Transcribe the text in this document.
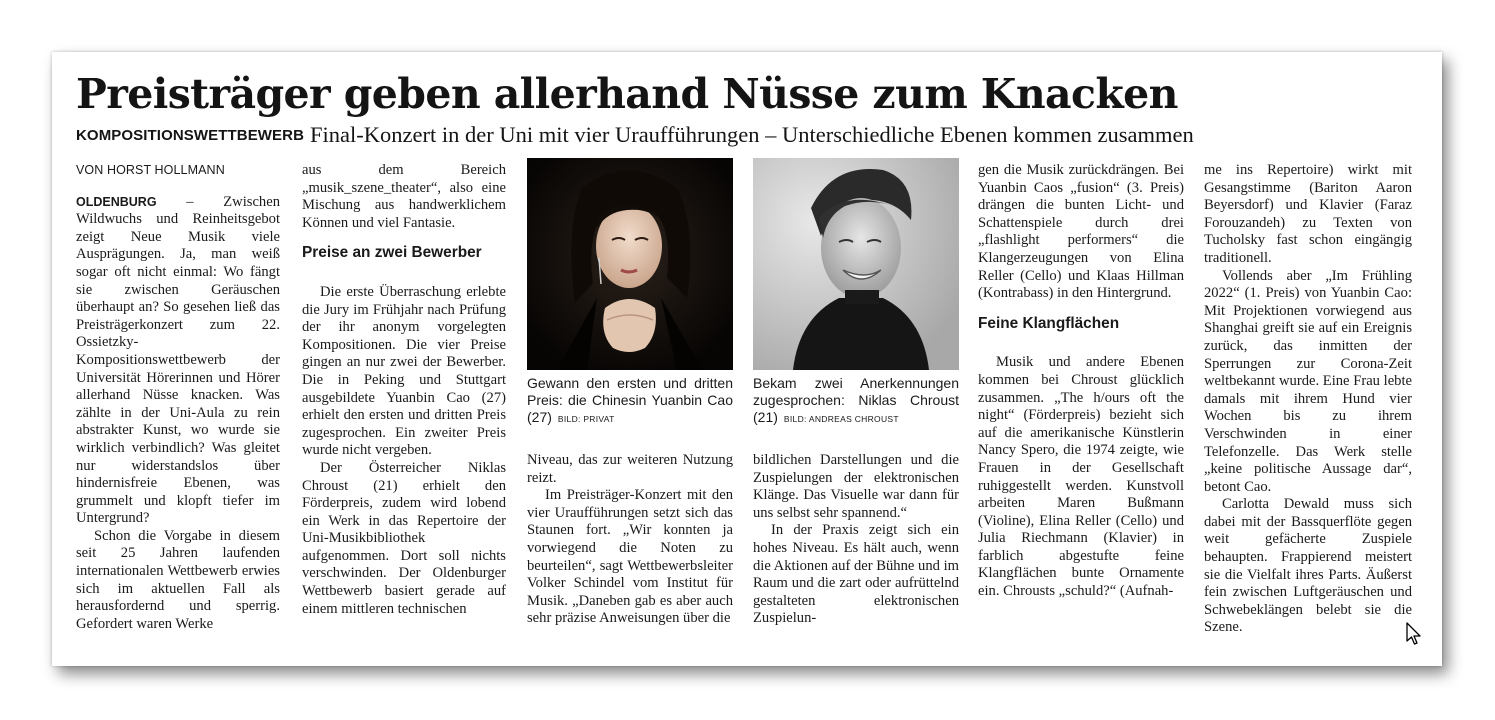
Preisträger geben allerhand Nüsse zum Knacken
KOMPOSITIONSWETTBEWERB Final-Konzert in der Uni mit vier Uraufführungen – Unterschiedliche Ebenen kommen zusammen
VON HORST HOLLMANN

OLDENBURG – Zwischen Wildwuchs und Reinheitsgebot zeigt Neue Musik viele Ausprägungen. Ja, man weiß sogar oft nicht einmal: Wo fängt sie zwischen Geräuschen überhaupt an? So gesehen ließ das Preisträgerkonzert zum 22. Ossietzky-Kompositionswettbewerb der Universität Hörerinnen und Hörer allerhand Nüsse knacken. Was zählte in der Uni-Aula zu rein abstrakter Kunst, wo wurde sie wirklich verbindlich? Was gleitet nur widerstandslos über hindernisfreie Ebenen, was grummelt und klopft tiefer im Untergrund?

Schon die Vorgabe in diesem seit 25 Jahren laufenden internationalen Wettbewerb erwies sich im aktuellen Fall als herausfordernd und sperrig. Gefordert waren Werke

aus dem Bereich „musik_szene_theater“, also eine Mischung aus handwerklichem Können und viel Fantasie.

Preise an zwei Bewerber

Die erste Überraschung erlebte die Jury im Frühjahr nach Prüfung der ihr anonym vorgelegten Kompositionen. Die vier Preise gingen an nur zwei der Bewerber. Die in Peking und Stuttgart ausgebildete Yuanbin Cao (27) erhielt den ersten und dritten Preis zugesprochen. Ein zweiter Preis wurde nicht vergeben.

Der Österreicher Niklas Chroust (21) erhielt den Förderpreis, zudem wird lobend ein Werk in das Repertoire der Uni-Musikbibliothek aufgenommen. Dort soll nichts verschwinden. Der Oldenburger Wettbewerb basiert gerade auf einem mittleren technischen

Gewann den ersten und dritten Preis: die Chinesin Yuanbin Cao (27) BILD: PRIVAT

Niveau, das zur weiteren Nutzung reizt.

Im Preisträger-Konzert mit den vier Uraufführungen setzt sich das Staunen fort. „Wir konnten ja vorwiegend die Noten zu beurteilen“, sagt Wettbewerbsleiter Volker Schindel vom Institut für Musik. „Daneben gab es aber auch sehr präzise Anweisungen über die

Bekam zwei Anerkennungen zugesprochen: Niklas Chroust (21) BILD: ANDREAS CHROUST

bildlichen Darstellungen und die Zuspielungen der elektronischen Klänge. Das Visuelle war dann für uns selbst sehr spannend.“

In der Praxis zeigt sich ein hohes Niveau. Es hält auch, wenn die Aktionen auf der Bühne und im Raum und die zart oder aufrüttelnd gestalteten elektronischen Zuspielun-

gen die Musik zurückdrängen. Bei Yuanbin Caos „fusion“ (3. Preis) drängen die bunten Licht- und Schattenspiele durch drei „flashlight performers“ die Klangerzeugungen von Elina Reller (Cello) und Klaas Hillman (Kontrabass) in den Hintergrund.

Feine Klangflächen

Musik und andere Ebenen kommen bei Chroust glücklich zusammen. „The h/ours oft the night“ (Förderpreis) bezieht sich auf die amerikanische Künstlerin Nancy Spero, die 1974 zeigte, wie Frauen in der Gesellschaft ruhiggestellt werden. Kunstvoll arbeiten Maren Bußmann (Violine), Elina Reller (Cello) und Julia Riechmann (Klavier) in farblich abgestufte feine Klangflächen bunte Ornamente ein. Chrousts „schuld?“ (Aufnah-

me ins Repertoire) wirkt mit Gesangstimme (Bariton Aaron Beyersdorf) und Klavier (Faraz Forouzandeh) zu Texten von Tucholsky fast schon eingängig traditionell.

Vollends aber „Im Frühling 2022“ (1. Preis) von Yuanbin Cao: Mit Projektionen vorwiegend aus Shanghai greift sie auf ein Ereignis zurück, das inmitten der Sperrungen zur Corona-Zeit weltbekannt wurde. Eine Frau lebte damals mit ihrem Hund vier Wochen bis zu ihrem Verschwinden in einer Telefonzelle. Das Werk stelle „keine politische Aussage dar“, betont Cao.

Carlotta Dewald muss sich dabei mit der Bassquerflöte gegen weit gefächerte Zuspiele behaupten. Frappierend meistert sie die Vielfalt ihres Parts. Äußerst fein zwischen Luftgeräuschen und Schwebeklängen belebt sie die Szene.
